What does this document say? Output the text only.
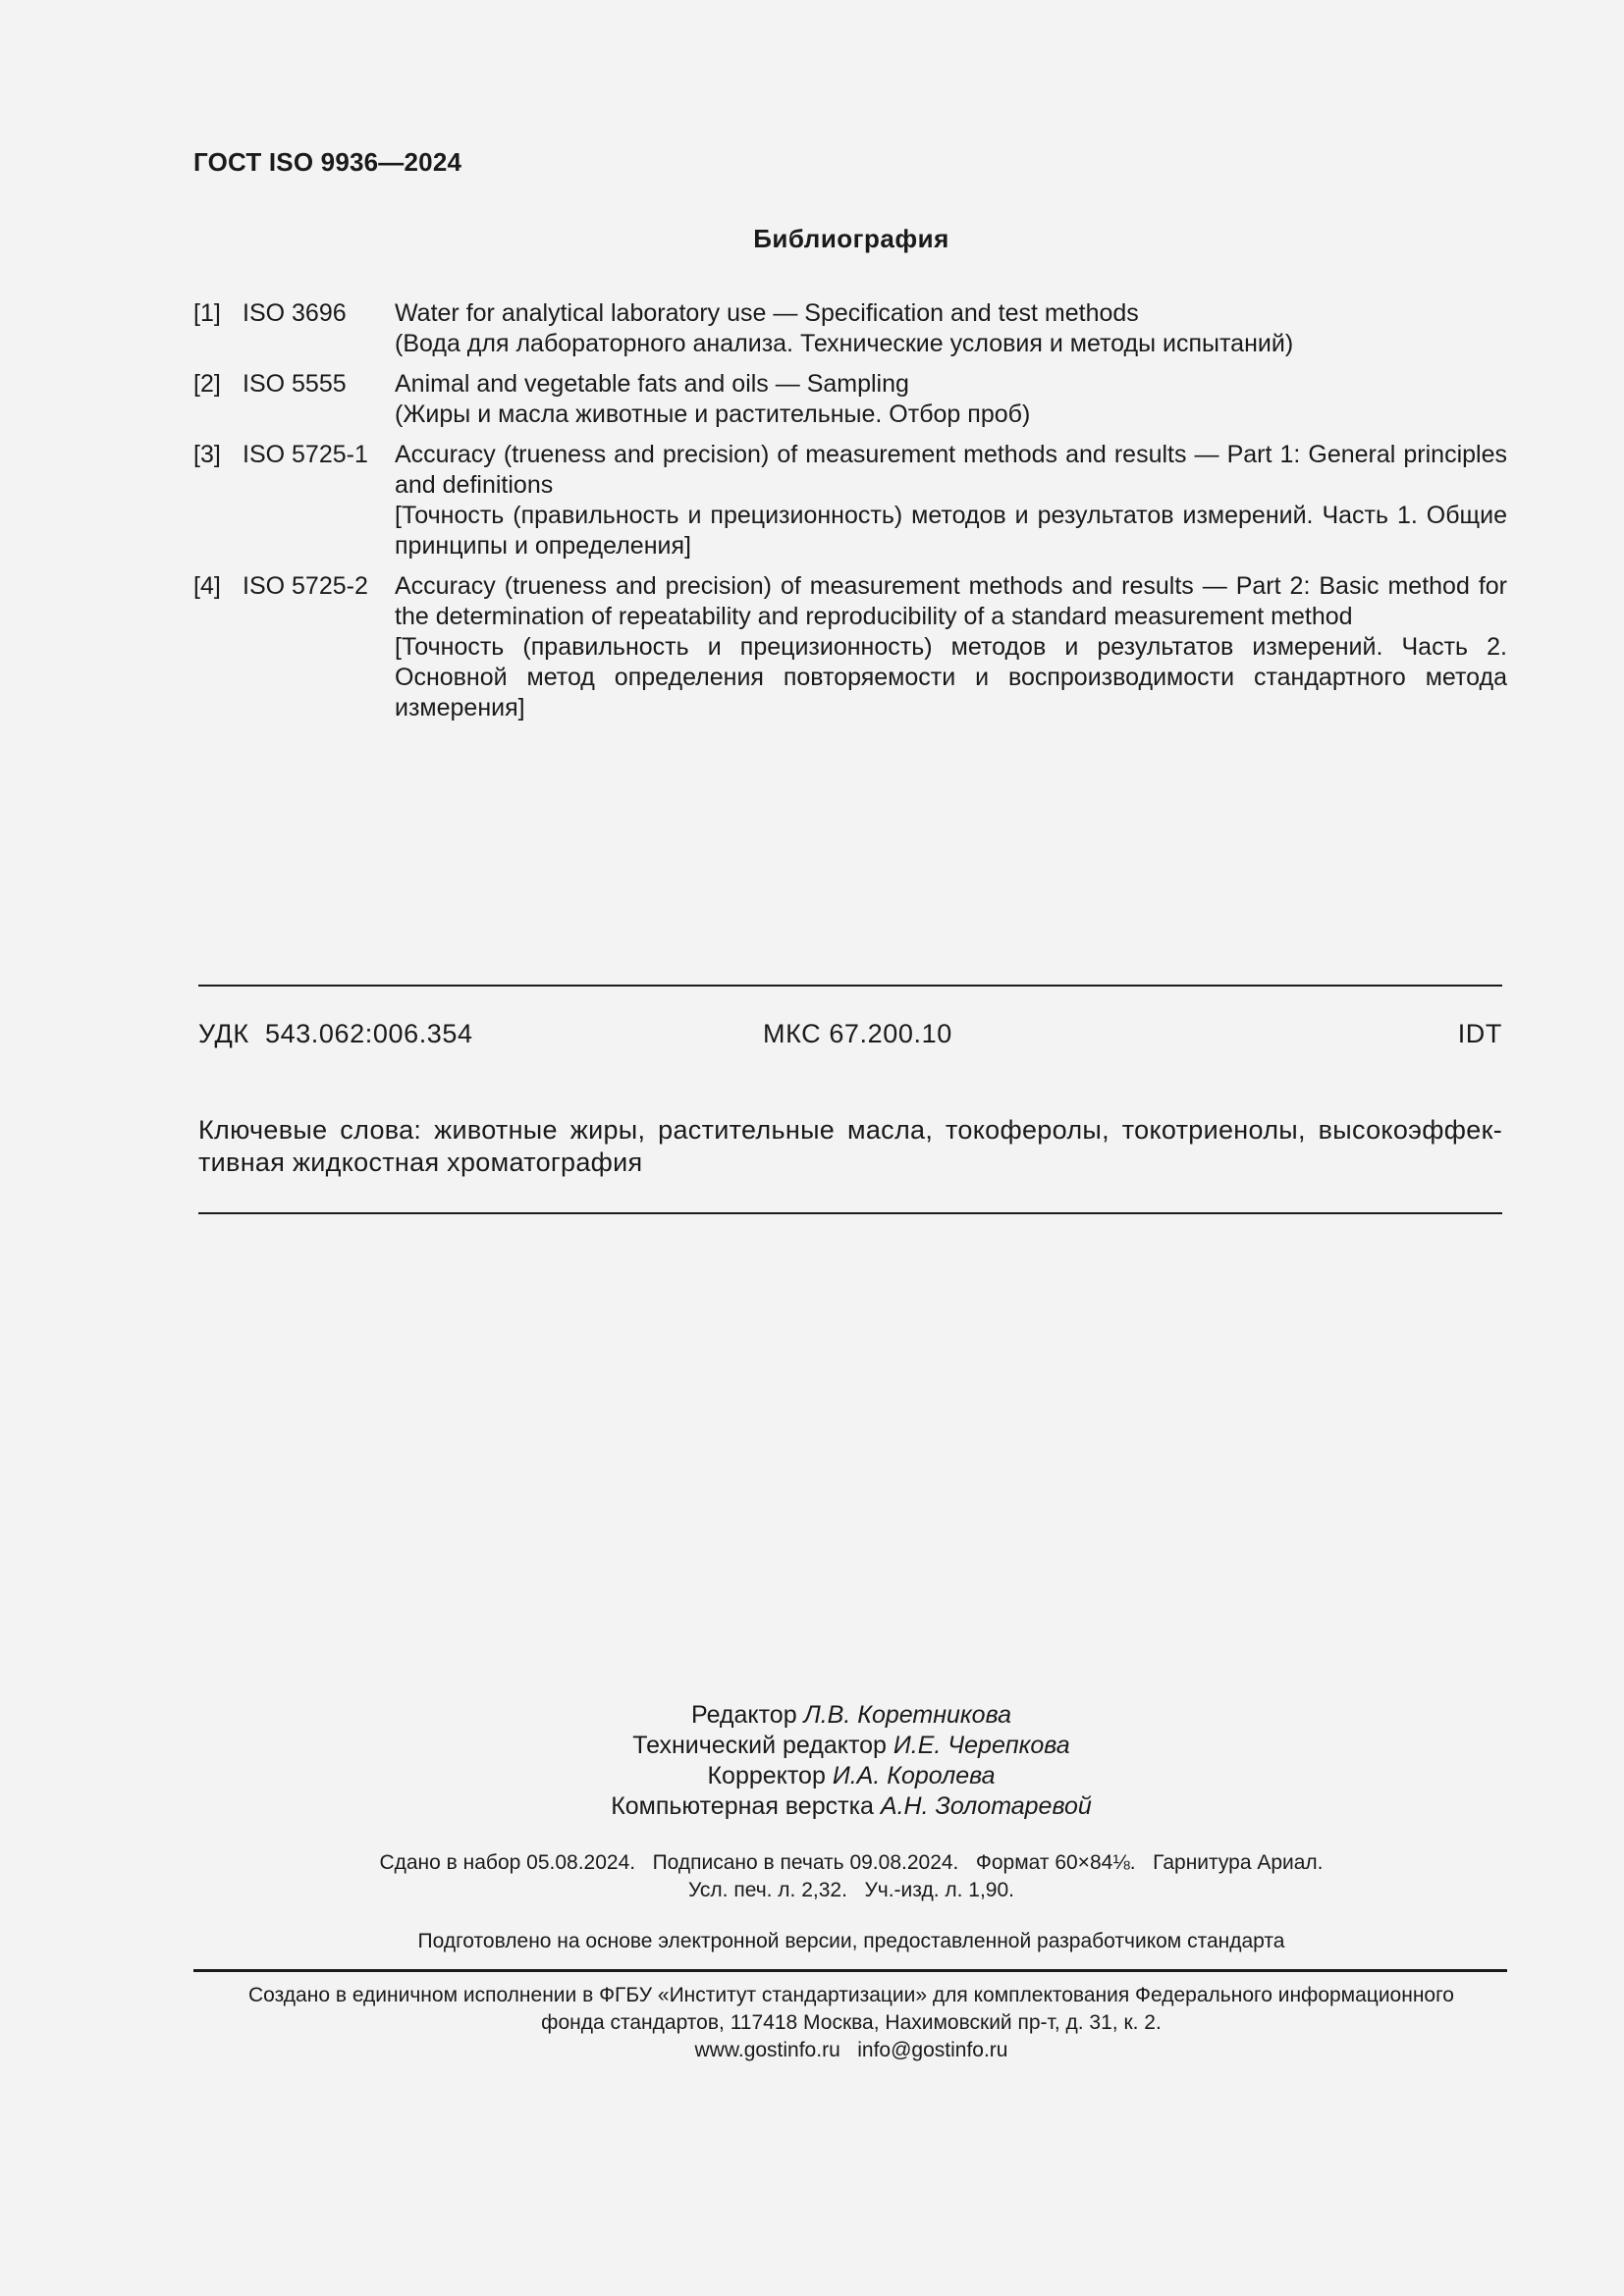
ГОСТ ISO 9936—2024
Библиография
[1] ISO 3696	Water for analytical laboratory use — Specification and test methods
(Вода для лабораторного анализа. Технические условия и методы испытаний)
[2] ISO 5555	Animal and vegetable fats and oils — Sampling
(Жиры и масла животные и растительные. Отбор проб)
[3] ISO 5725-1	Accuracy (trueness and precision) of measurement methods and results — Part 1: General principles and definitions
[Точность (правильность и прецизионность) методов и результатов измерений. Часть 1. Общие принципы и определения]
[4] ISO 5725-2	Accuracy (trueness and precision) of measurement methods and results — Part 2: Basic method for the determination of repeatability and reproducibility of a standard measurement method
[Точность (правильность и прецизионность) методов и результатов измерений. Часть 2. Основной метод определения повторяемости и воспроизводимости стандартного метода измерения]
УДК  543.062:006.354	МКС 67.200.10	IDT
Ключевые слова: животные жиры, растительные масла, токоферолы, токотриенолы, высокоэффек-
тивная жидкостная хроматография
Редактор Л.В. Коретникова
Технический редактор И.Е. Черепкова
Корректор И.А. Королева
Компьютерная верстка А.Н. Золотаревой
Сдано в набор 05.08.2024.   Подписано в печать 09.08.2024.   Формат 60×84⅛.   Гарнитура Ариал.
Усл. печ. л. 2,32.   Уч.-изд. л. 1,90.
Подготовлено на основе электронной версии, предоставленной разработчиком стандарта
Создано в единичном исполнении в ФГБУ «Институт стандартизации» для комплектования Федерального информационного
фонда стандартов, 117418 Москва, Нахимовский пр-т, д. 31, к. 2.
www.gostinfo.ru   info@gostinfo.ru
